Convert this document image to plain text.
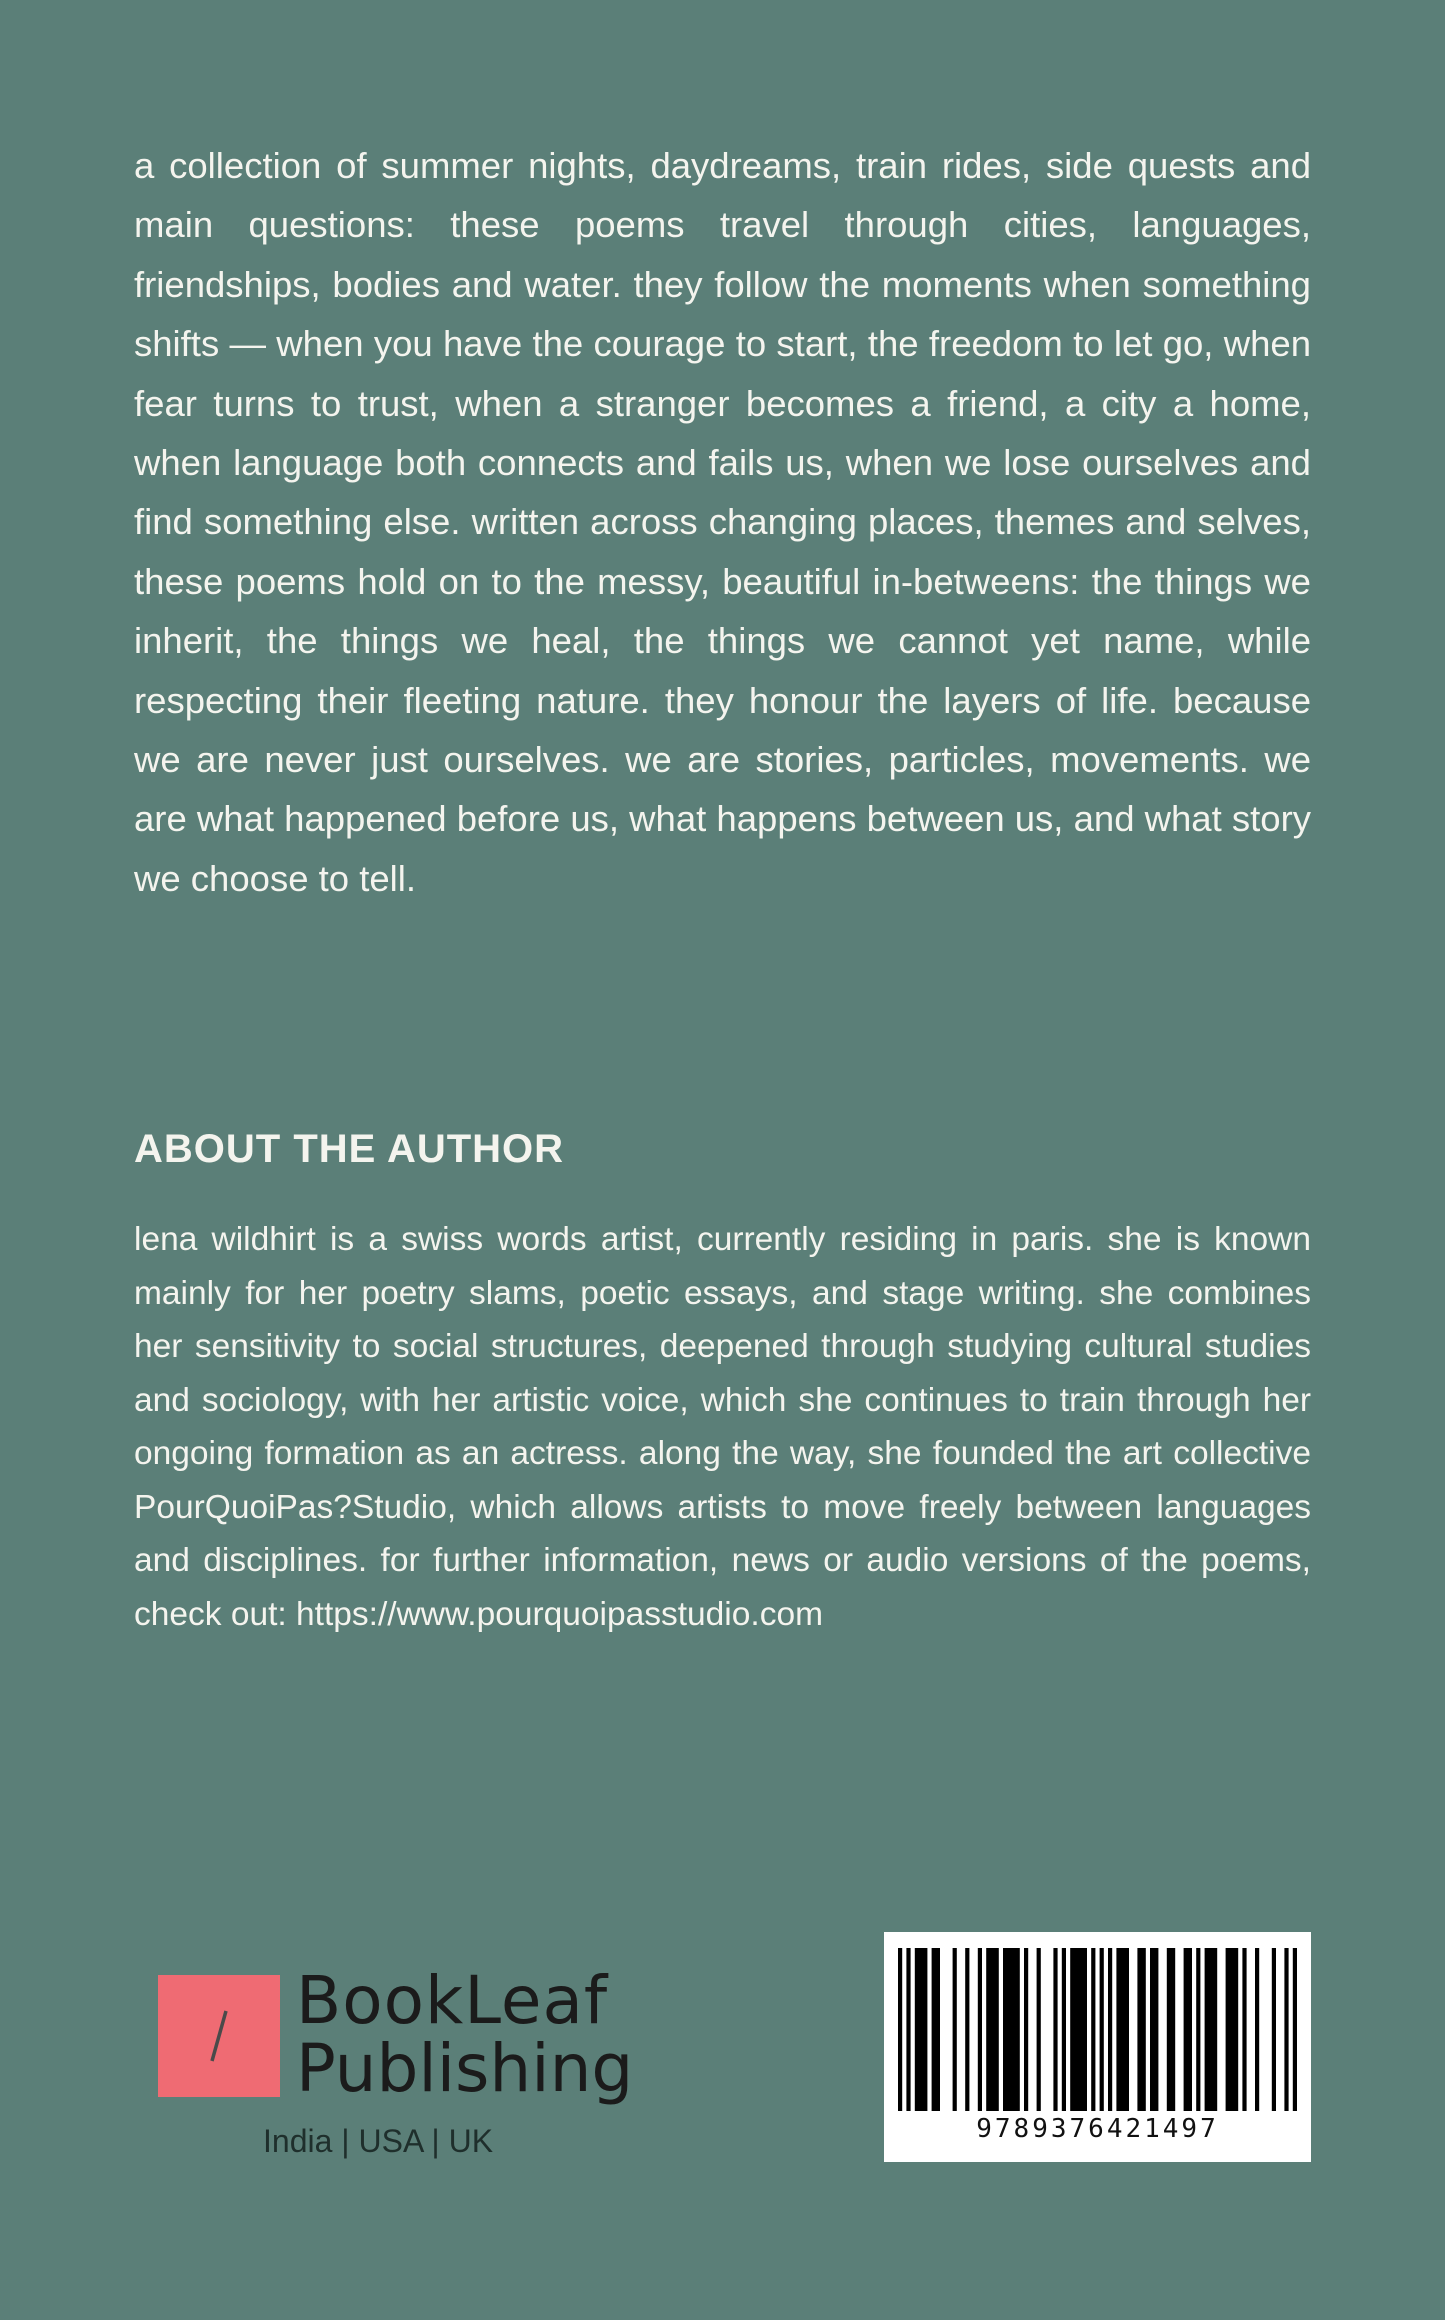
a collection of summer nights, daydreams, train rides, side quests and main questions: these poems travel through cities, languages, friendships, bodies and water. they follow the moments when something shifts — when you have the courage to start, the freedom to let go, when fear turns to trust, when a stranger becomes a friend, a city a home, when language both connects and fails us, when we lose ourselves and find something else. written across changing places, themes and selves, these poems hold on to the messy, beautiful in-betweens: the things we inherit, the things we heal, the things we cannot yet name, while respecting their fleeting nature. they honour the layers of life. because we are never just ourselves. we are stories, particles, movements. we are what happened before us, what happens between us, and what story we choose to tell.

ABOUT THE AUTHOR

lena wildhirt is a swiss words artist, currently residing in paris. she is known mainly for her poetry slams, poetic essays, and stage writing. she combines her sensitivity to social structures, deepened through studying cultural studies and sociology, with her artistic voice, which she continues to train through her ongoing formation as an actress. along the way, she founded the art collective PourQuoiPas?Studio, which allows artists to move freely between languages and disciplines. for further information, news or audio versions of the poems, check out: https://www.pourquoipasstudio.com

BookLeaf
Publishing
India | USA | UK	9789376421497
